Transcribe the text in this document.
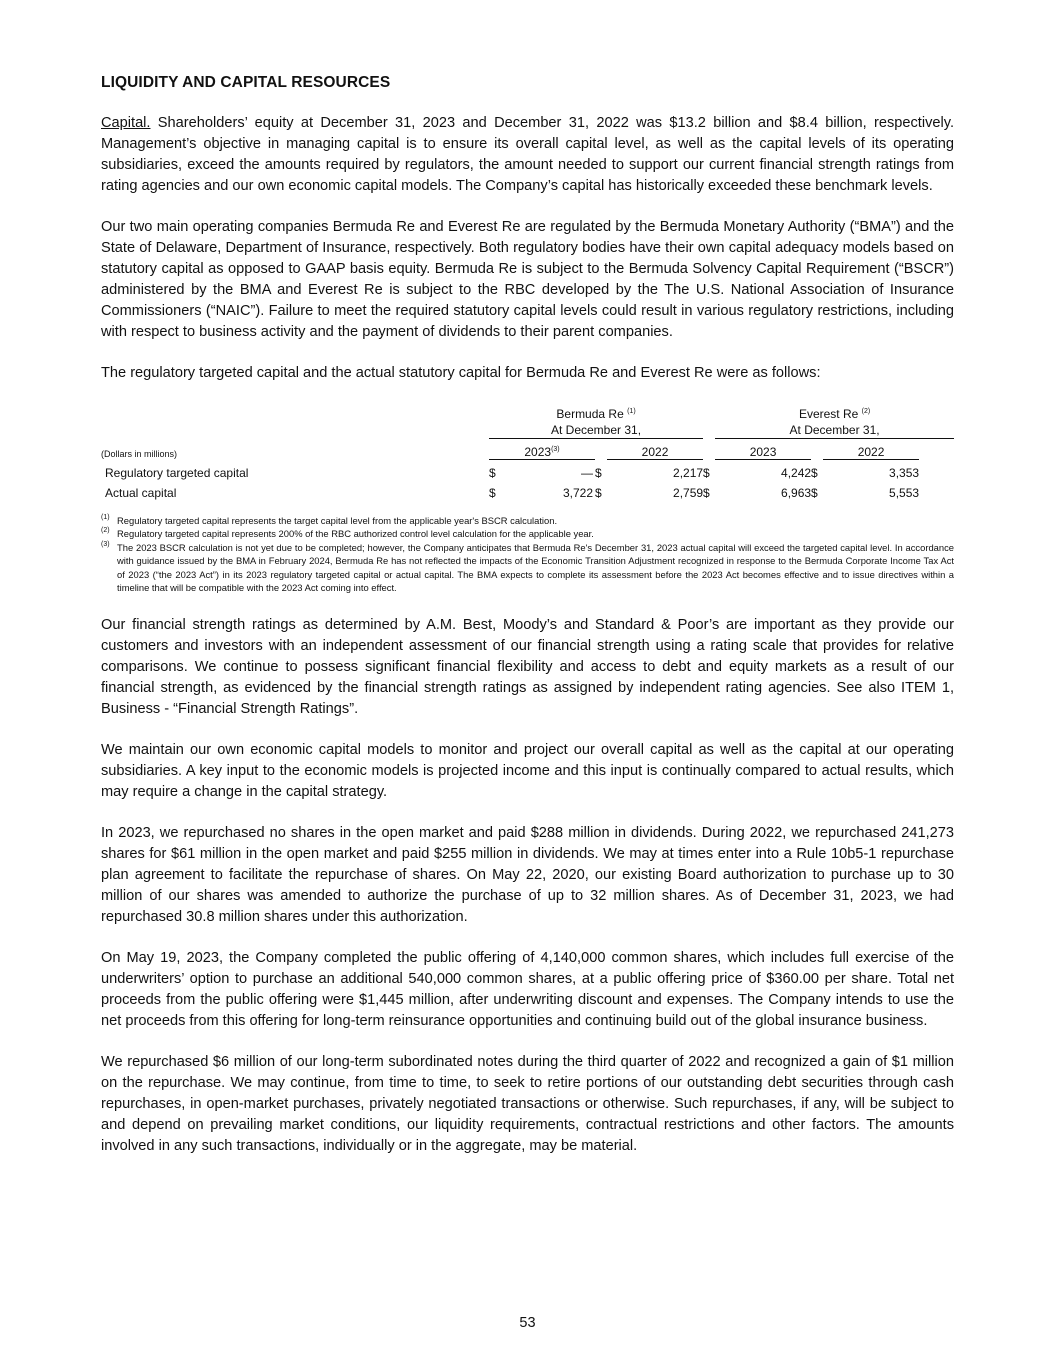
LIQUIDITY AND CAPITAL RESOURCES

Capital. Shareholders’ equity at December 31, 2023 and December 31, 2022 was $13.2 billion and $8.4 billion, respectively. Management’s objective in managing capital is to ensure its overall capital level, as well as the capital levels of its operating subsidiaries, exceed the amounts required by regulators, the amount needed to support our current financial strength ratings from rating agencies and our own economic capital models. The Company’s capital has historically exceeded these benchmark levels.

Our two main operating companies Bermuda Re and Everest Re are regulated by the Bermuda Monetary Authority (“BMA”) and the State of Delaware, Department of Insurance, respectively. Both regulatory bodies have their own capital adequacy models based on statutory capital as opposed to GAAP basis equity. Bermuda Re is subject to the Bermuda Solvency Capital Requirement (“BSCR”) administered by the BMA and Everest Re is subject to the RBC developed by the The U.S. National Association of Insurance Commissioners (“NAIC”). Failure to meet the required statutory capital levels could result in various regulatory restrictions, including with respect to business activity and the payment of dividends to their parent companies.

The regulatory targeted capital and the actual statutory capital for Bermuda Re and Everest Re were as follows:

	Bermuda Re $^{(1)}$
At December 31,					Everest Re $^{(2)}$
At December 31,			
(Dollars in millions)	2023$^{(3)}$			2022		2023		2022	
Regulatory targeted capital	$	—	$	2,217	$	4,242	$	3,353	
Actual capital	$	3,722	$	2,759	$	6,963	$	5,553	
(1) Regulatory targeted capital represents the target capital level from the applicable year's BSCR calculation.
(2) Regulatory targeted capital represents 200% of the RBC authorized control level calculation for the applicable year.
(3) The 2023 BSCR calculation is not yet due to be completed; however, the Company anticipates that Bermuda Re's December 31, 2023 actual capital will exceed the targeted capital level. In accordance with guidance issued by the BMA in February 2024, Bermuda Re has not reflected the impacts of the Economic Transition Adjustment recognized in response to the Bermuda Corporate Income Tax Act of 2023 (“the 2023 Act”) in its 2023 regulatory targeted capital or actual capital. The BMA expects to complete its assessment before the 2023 Act becomes effective and to issue directives within a timeline that will be compatible with the 2023 Act coming into effect.

Our financial strength ratings as determined by A.M. Best, Moody’s and Standard & Poor’s are important as they provide our customers and investors with an independent assessment of our financial strength using a rating scale that provides for relative comparisons. We continue to possess significant financial flexibility and access to debt and equity markets as a result of our financial strength, as evidenced by the financial strength ratings as assigned by independent rating agencies. See also ITEM 1, Business - “Financial Strength Ratings”.

We maintain our own economic capital models to monitor and project our overall capital as well as the capital at our operating subsidiaries. A key input to the economic models is projected income and this input is continually compared to actual results, which may require a change in the capital strategy.

In 2023, we repurchased no shares in the open market and paid $288 million in dividends. During 2022, we repurchased 241,273 shares for $61 million in the open market and paid $255 million in dividends. We may at times enter into a Rule 10b5-1 repurchase plan agreement to facilitate the repurchase of shares. On May 22, 2020, our existing Board authorization to purchase up to 30 million of our shares was amended to authorize the purchase of up to 32 million shares. As of December 31, 2023, we had repurchased 30.8 million shares under this authorization.

On May 19, 2023, the Company completed the public offering of 4,140,000 common shares, which includes full exercise of the underwriters’ option to purchase an additional 540,000 common shares, at a public offering price of $360.00 per share. Total net proceeds from the public offering were $1,445 million, after underwriting discount and expenses. The Company intends to use the net proceeds from this offering for long-term reinsurance opportunities and continuing build out of the global insurance business.

We repurchased $6 million of our long-term subordinated notes during the third quarter of 2022 and recognized a gain of $1 million on the repurchase. We may continue, from time to time, to seek to retire portions of our outstanding debt securities through cash repurchases, in open-market purchases, privately negotiated transactions or otherwise. Such repurchases, if any, will be subject to and depend on prevailing market conditions, our liquidity requirements, contractual restrictions and other factors. The amounts involved in any such transactions, individually or in the aggregate, may be material.

53
